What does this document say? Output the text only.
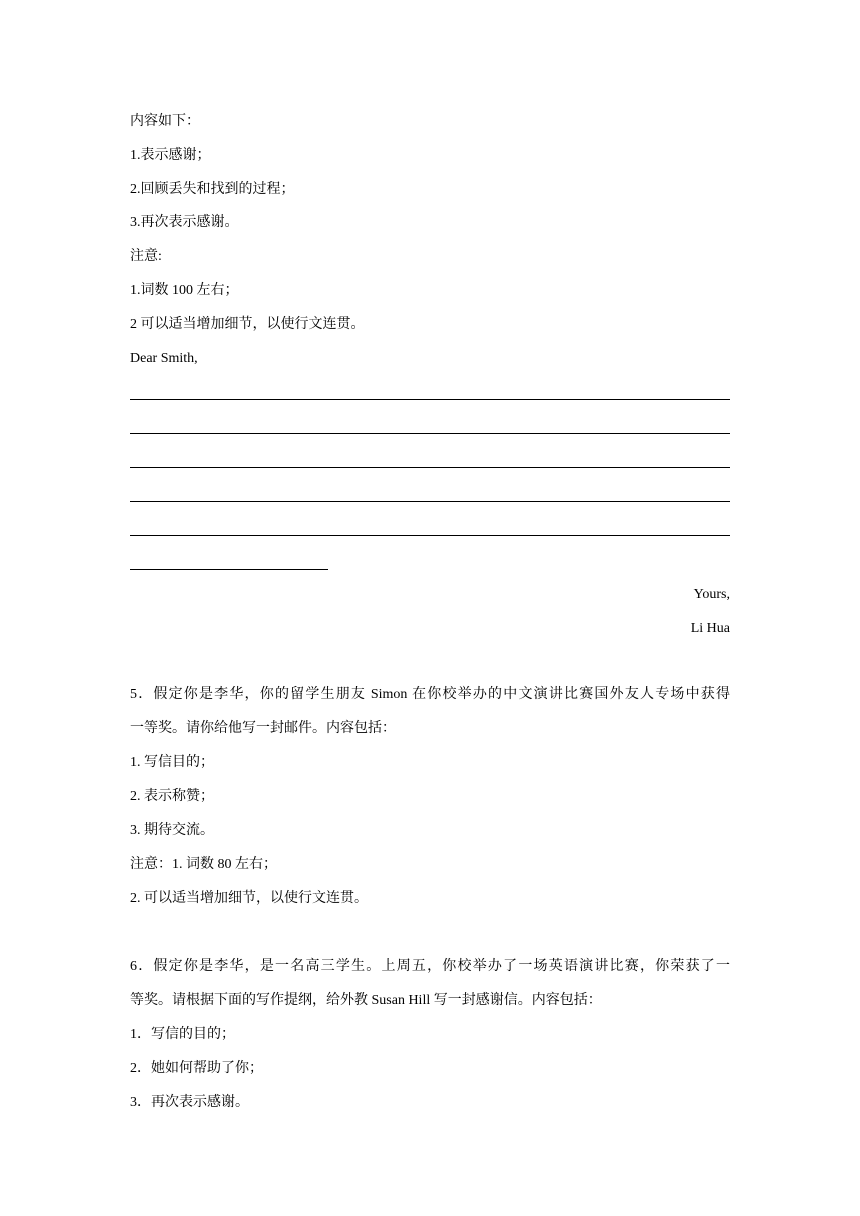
内容如下：
1.表示感谢；
2.回顾丢失和找到的过程；
3.再次表示感谢。
注意:
1.词数 100 左右；
2 可以适当增加细节，以使行文连贯。
Dear Smith,
Yours,
Li Hua
5．假定你是李华，你的留学生朋友 Simon 在你校举办的中文演讲比赛国外友人专场中获得
一等奖。请你给他写一封邮件。内容包括：
1. 写信目的；
2. 表示称赞；
3. 期待交流。
注意：1. 词数 80 左右；
2. 可以适当增加细节，以使行文连贯。
6．假定你是李华，是一名高三学生。上周五，你校举办了一场英语演讲比赛，你荣获了一
等奖。请根据下面的写作提纲，给外教 Susan Hill 写一封感谢信。内容包括：
1．写信的目的；
2．她如何帮助了你；
3．再次表示感谢。
